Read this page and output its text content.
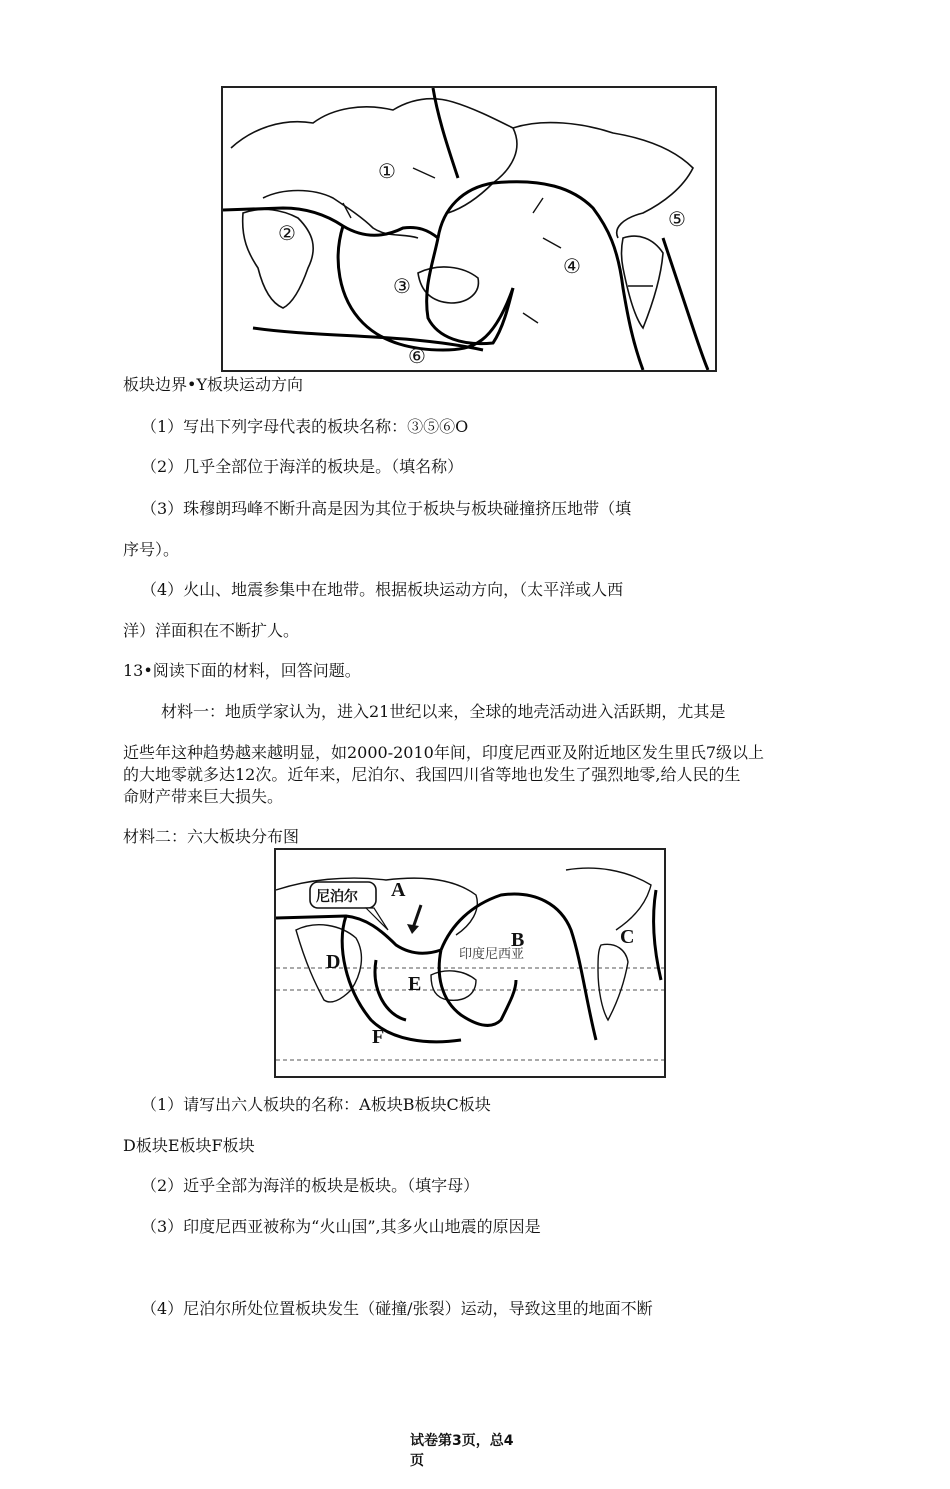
①
②
③
④
⑤
⑥
板块边界•Y板块运动方向
（1）写出下列字母代表的板块名称：③⑤⑥O
（2）几乎全部位于海洋的板块是。（填名称）
（3）珠穆朗玛峰不断升高是因为其位于板块与板块碰撞挤压地带（填
序号）。
（4）火山、地震参集中在地带。根据板块运动方向，（太平洋或人西
洋）洋面积在不断扩人。
13•阅读下面的材料，回答问题。
材料一：地质学家认为，进入21世纪以来，全球的地壳活动进入活跃期，尤其是
近些年这种趋势越来越明显，如2000-2010年间，印度尼西亚及附近地区发生里氏7级以上
的大地零就多达12次。近年来，尼泊尔、我国四川省等地也发生了强烈地零,给人民的生
命财产带来巨大损失。
材料二：六大板块分布图
A
B	C
D
E
F
尼泊尔
印度尼西亚
（1）请写出六人板块的名称：A板块B板块C板块
D板块E板块F板块
（2）近乎全部为海洋的板块是板块。（填字母）
（3）印度尼西亚被称为“火山国”,其多火山地震的原因是
（4）尼泊尔所处位置板块发生（碰撞/张裂）运动，导致这里的地面不断
试卷第3页，总4
页
